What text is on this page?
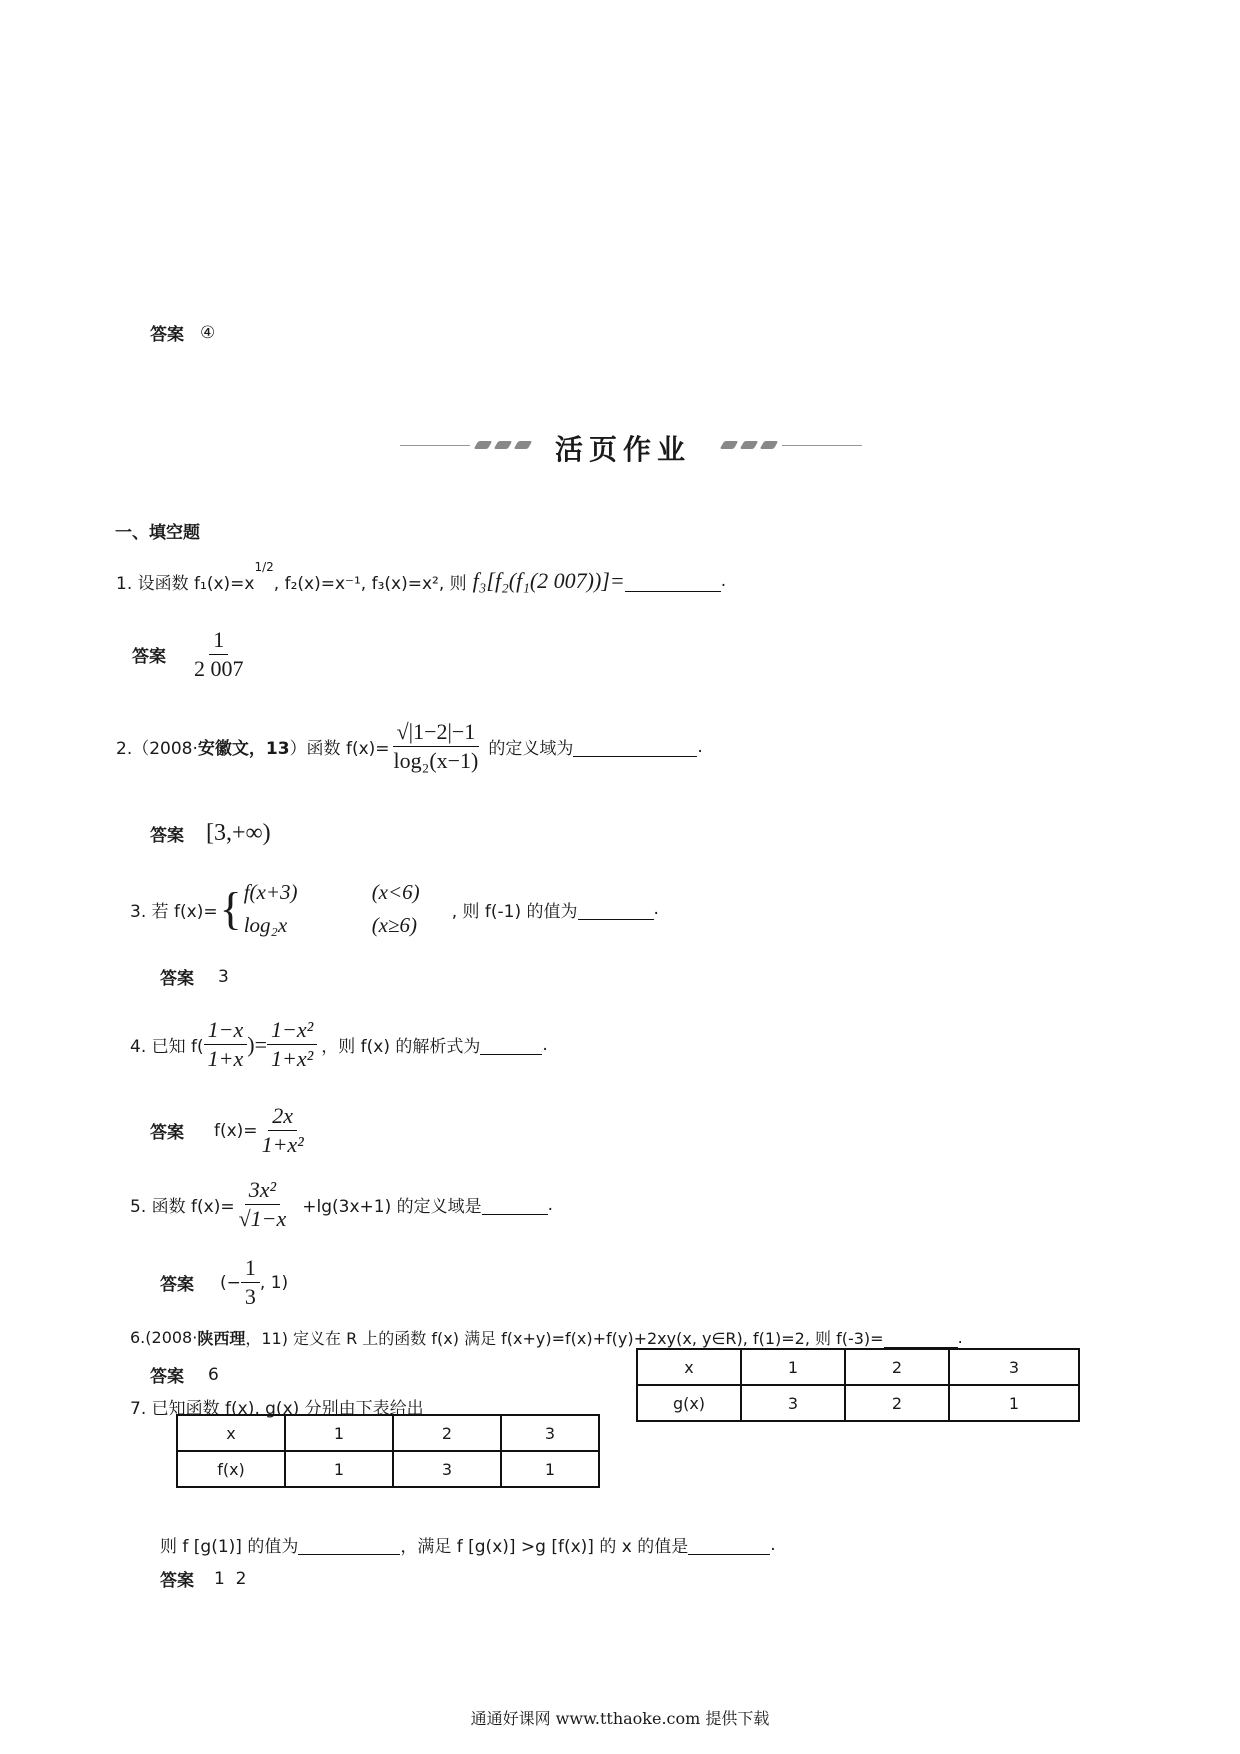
答案 ④
活页作业
一、填空题
1. 设函数 f₁(x)=x
$^{1/2}$
, f₂(x)=x⁻¹, f₃(x)=x², 则 f₃[f₂(f₁(2 007))]=	.
答案 $\frac{1}{2 007}$
2.（2008· 安徽文，13 ）函数 $f(x)= \frac{√|1-2|-1}{\text{log₂(x−1)}}$ 的定义域为	.
答案 [3,+∞)
3. 若 f(x)= { f(x+3)	(x<6)
log₂x	(x≥6)
, 则 f(-1) 的值为	.
答案 3
4. 已知 $f( \frac{1-x}{1+x}$ )= $\frac{\text{1−x²}}{\text{1+x²}}$ ，则 f(x) 的解析式为	.
答案 $f(x)= \frac{2x}{\text{1+x²}}$
5. 函数 $f(x)= \frac{\text{3x²}}{√1-x} +\lg(3x+1)$ 的定义域是	.
答案 (− $\frac{1}{3}$ , 1)
6.(2008· 陕西理 ，11) 定义在 R 上的函数 f(x) 满足 f(x+y)=f(x)+f(y)+2xy(x, y∈R), f(1)=2, 则 f(-3)=	.
答案 6
7. 已知函数 f(x), g(x) 分别由下表给出
x	1	2	3
g(x)	3	2	1
x	1	2	3
f(x)	1	3	1
则 f [g(1)] 的值为	，满足 f [g(x)] >g [f(x)] 的 x 的值是	.
答案 1  2
通通好课网 www.tthaoke.com 提供下载
